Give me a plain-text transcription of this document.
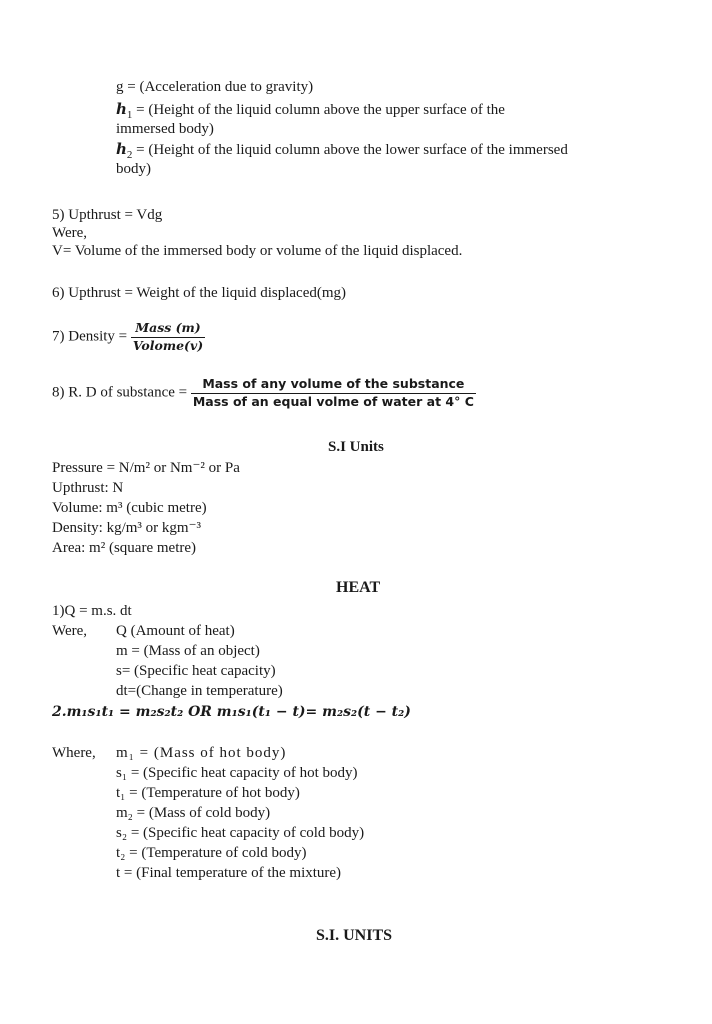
g = (Acceleration due to gravity)
$h_1$ = (Height of the liquid column above the upper surface of the
immersed body)
$h_2$ = (Height of the liquid column above the lower surface of the immersed
body)
5) Upthrust = Vdg
Were,
V= Volume of the immersed body or volume of the liquid displaced.
6) Upthrust = Weight of the liquid displaced(mg)
7) Density = $\frac{\text{Mass (m)}}{\text{Volome(v)}}$
8) R. D of substance = $\frac{\text{Mass of any volume of the substance}}{\text{Mass of an equal volme of water at 4° C}}$
S.I Units
Pressure = N/m² or Nm⁻² or Pa
Upthrust: N
Volume: m³ (cubic metre)
Density: kg/m³ or kgm⁻³
Area: m² (square metre)
HEAT
1)Q = m.s. dt
Were, Q (Amount of heat)
m = (Mass of an object)
s= (Specific heat capacity)
dt=(Change in temperature)
2.m₁s₁t₁ = m₂s₂t₂ OR m₁s₁(t₁ − t)= m₂s₂(t − t₂)
Where, m₁ = (Mass of hot body)
s₁ = (Specific heat capacity of hot body)
t₁ = (Temperature of hot body)
m₂ = (Mass of cold body)
s₂ = (Specific heat capacity of cold body)
t₂ = (Temperature of cold body)
t = (Final temperature of the mixture)
S.I. UNITS
